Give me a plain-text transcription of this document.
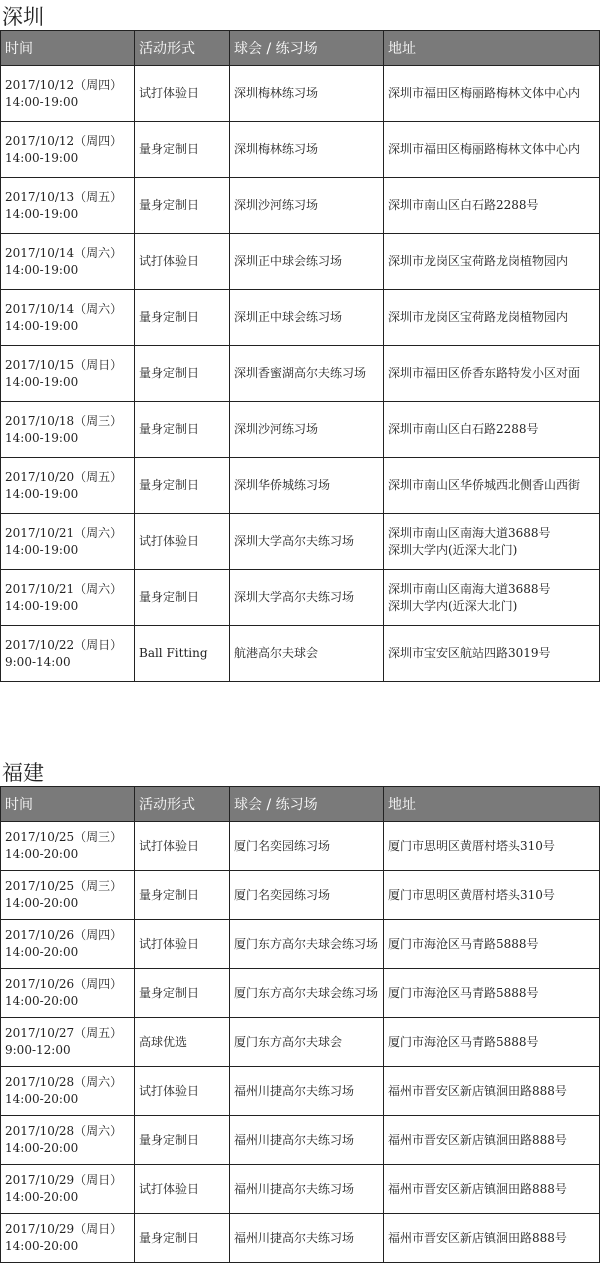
深圳
时间	活动形式	球会 / 练习场	地址
2017/10/12（周四）
14:00-19:00	试打体验日	深圳梅林练习场	深圳市福田区梅丽路梅林文体中心内
2017/10/12（周四）
14:00-19:00	量身定制日	深圳梅林练习场	深圳市福田区梅丽路梅林文体中心内
2017/10/13（周五）
14:00-19:00	量身定制日	深圳沙河练习场	深圳市南山区白石路2288号
2017/10/14（周六）
14:00-19:00	试打体验日	深圳正中球会练习场	深圳市龙岗区宝荷路龙岗植物园内
2017/10/14（周六）
14:00-19:00	量身定制日	深圳正中球会练习场	深圳市龙岗区宝荷路龙岗植物园内
2017/10/15（周日）
14:00-19:00	量身定制日	深圳香蜜湖高尔夫练习场	深圳市福田区侨香东路特发小区对面
2017/10/18（周三）
14:00-19:00	量身定制日	深圳沙河练习场	深圳市南山区白石路2288号
2017/10/20（周五）
14:00-19:00	量身定制日	深圳华侨城练习场	深圳市南山区华侨城西北侧香山西街
2017/10/21（周六）
14:00-19:00	试打体验日	深圳大学高尔夫练习场	深圳市南山区南海大道3688号
深圳大学内(近深大北门)
2017/10/21（周六）
14:00-19:00	量身定制日	深圳大学高尔夫练习场	深圳市南山区南海大道3688号
深圳大学内(近深大北门)
2017/10/22（周日）
9:00-14:00	Ball Fitting	航港高尔夫球会	深圳市宝安区航站四路3019号
福建
时间	活动形式	球会 / 练习场	地址
2017/10/25（周三）
14:00-20:00	试打体验日	厦门名奕园练习场	厦门市思明区黄厝村塔头310号
2017/10/25（周三）
14:00-20:00	量身定制日	厦门名奕园练习场	厦门市思明区黄厝村塔头310号
2017/10/26（周四）
14:00-20:00	试打体验日	厦门东方高尔夫球会练习场	厦门市海沧区马青路5888号
2017/10/26（周四）
14:00-20:00	量身定制日	厦门东方高尔夫球会练习场	厦门市海沧区马青路5888号
2017/10/27（周五）
9:00-12:00	高球优选	厦门东方高尔夫球会	厦门市海沧区马青路5888号
2017/10/28（周六）
14:00-20:00	试打体验日	福州川捷高尔夫练习场	福州市晋安区新店镇洄田路888号
2017/10/28（周六）
14:00-20:00	量身定制日	福州川捷高尔夫练习场	福州市晋安区新店镇洄田路888号
2017/10/29（周日）
14:00-20:00	试打体验日	福州川捷高尔夫练习场	福州市晋安区新店镇洄田路888号
2017/10/29（周日）
14:00-20:00	量身定制日	福州川捷高尔夫练习场	福州市晋安区新店镇洄田路888号
